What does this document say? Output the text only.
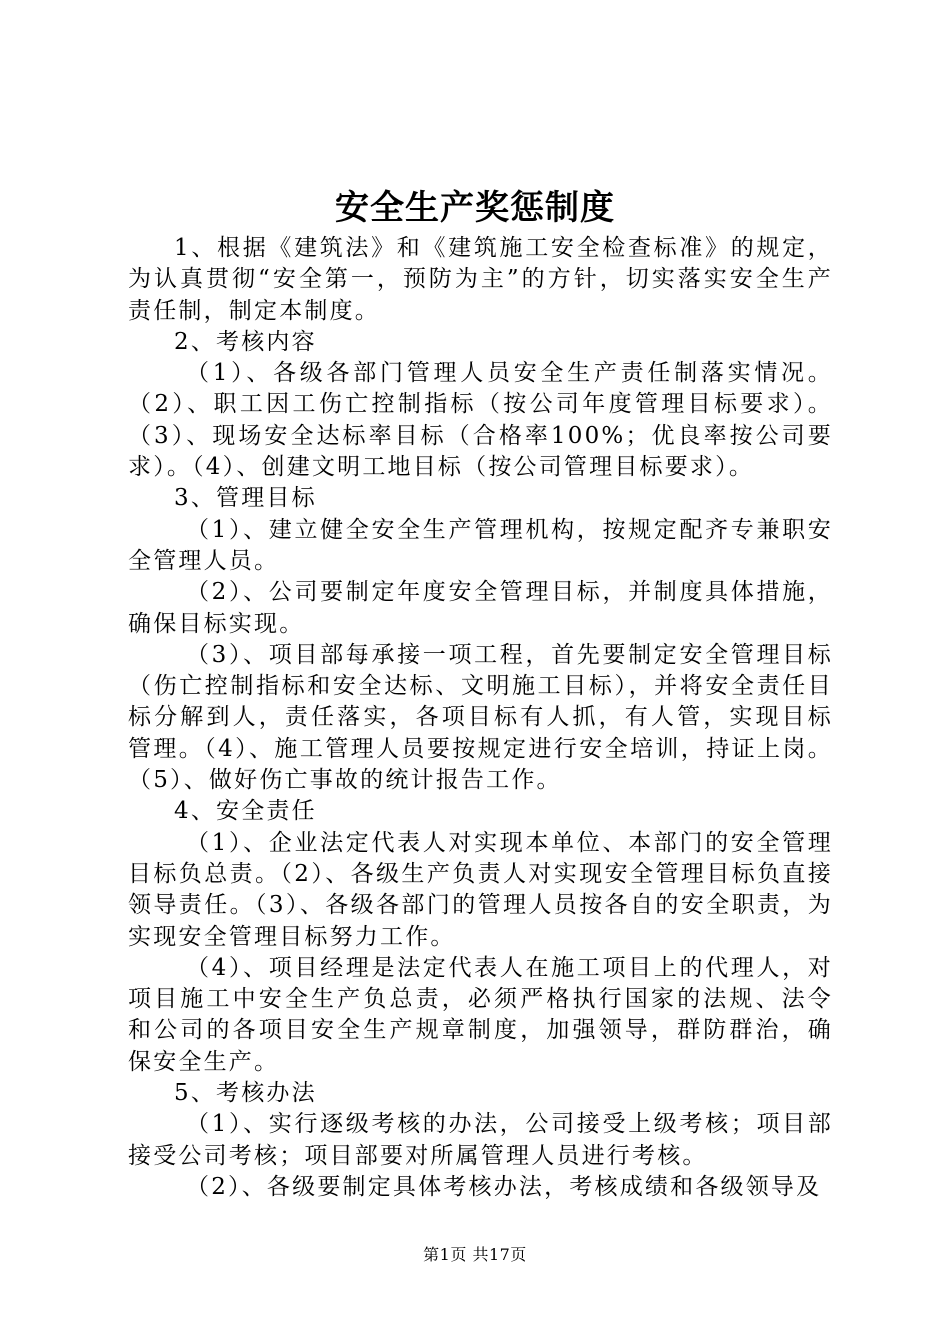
安全生产奖惩制度

1、根据《建筑法》和《建筑施工安全检查标准》的规定，为认真贯彻“安全第一，预防为主”的方针，切实落实安全生产责任制，制定本制度。

2、考核内容

（1）、各级各部门管理人员安全生产责任制落实情况。（2）、职工因工伤亡控制指标（按公司年度管理目标要求）。（3）、现场安全达标率目标（合格率100%；优良率按公司要求）。（4）、创建文明工地目标（按公司管理目标要求）。

3、管理目标

（1）、建立健全安全生产管理机构，按规定配齐专兼职安全管理人员。

（2）、公司要制定年度安全管理目标，并制度具体措施，确保目标实现。

（3）、项目部每承接一项工程，首先要制定安全管理目标（伤亡控制指标和安全达标、文明施工目标），并将安全责任目标分解到人，责任落实，各项目标有人抓，有人管，实现目标管理。（4）、施工管理人员要按规定进行安全培训，持证上岗。（5）、做好伤亡事故的统计报告工作。

4、安全责任

（1）、企业法定代表人对实现本单位、本部门的安全管理目标负总责。（2）、各级生产负责人对实现安全管理目标负直接领导责任。（3）、各级各部门的管理人员按各自的安全职责，为实现安全管理目标努力工作。

（4）、项目经理是法定代表人在施工项目上的代理人，对项目施工中安全生产负总责，必须严格执行国家的法规、法令和公司的各项目安全生产规章制度，加强领导，群防群治，确保安全生产。

5、考核办法

（1）、实行逐级考核的办法，公司接受上级考核；项目部接受公司考核；项目部要对所属管理人员进行考核。

（2）、各级要制定具体考核办法，考核成绩和各级领导及

第1页 共17页
